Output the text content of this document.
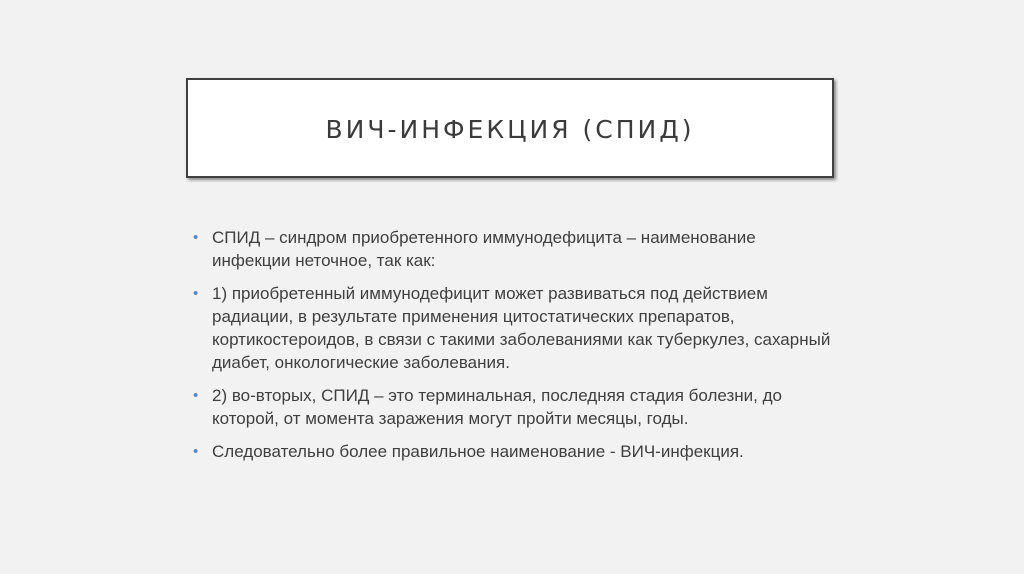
ВИЧ-ИНФЕКЦИЯ (СПИД)
• СПИД – синдром приобретенного иммунодефицита – наименование инфекции неточное, так как:
• 1) приобретенный иммунодефицит может развиваться под действием радиации, в результате применения цитостатических препаратов, кортикостероидов, в связи с такими заболеваниями как туберкулез, сахарный диабет, онкологические заболевания.
• 2) во-вторых, СПИД – это терминальная, последняя стадия болезни, до которой, от момента заражения могут пройти месяцы, годы.
• Следовательно более правильное наименование - ВИЧ-инфекция.
